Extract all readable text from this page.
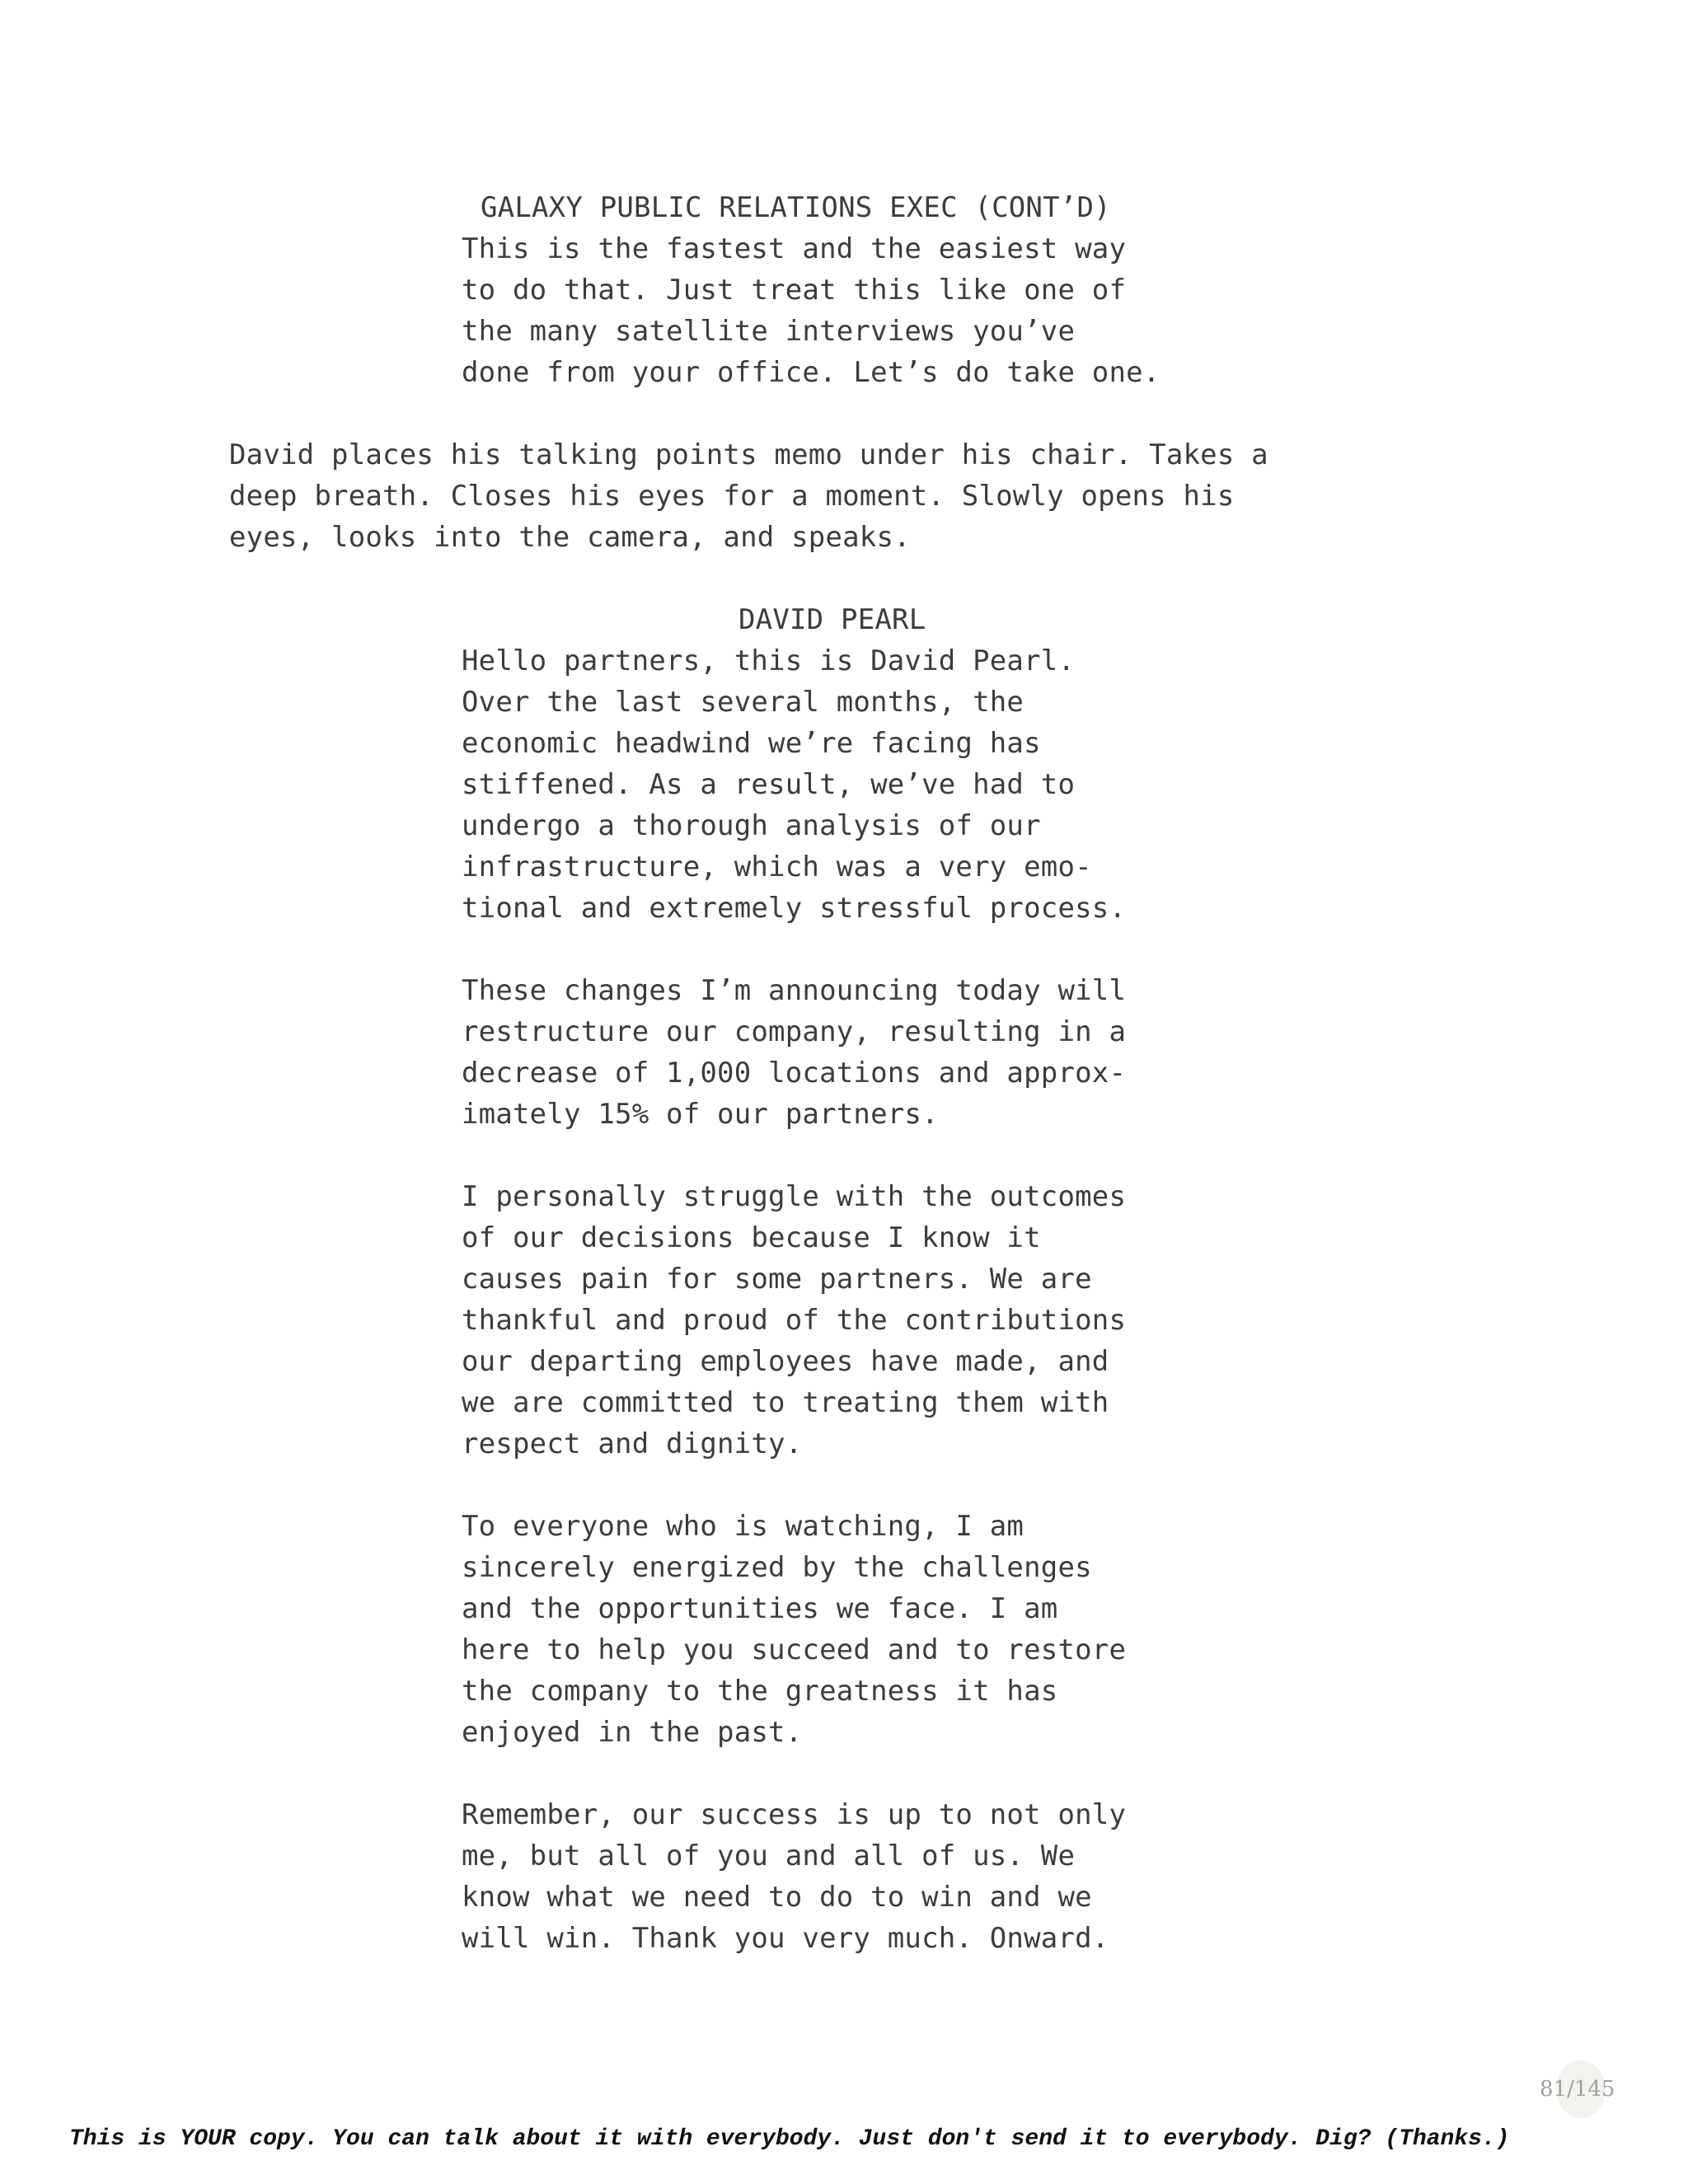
GALAXY PUBLIC RELATIONS EXEC (CONT’D)
This is the fastest and the easiest way
to do that. Just treat this like one of
the many satellite interviews you’ve
done from your office. Let’s do take one.
David places his talking points memo under his chair. Takes a
deep breath. Closes his eyes for a moment. Slowly opens his
eyes, looks into the camera, and speaks.
DAVID PEARL
Hello partners, this is David Pearl.
Over the last several months, the
economic headwind we’re facing has
stiffened. As a result, we’ve had to
undergo a thorough analysis of our
infrastructure, which was a very emo-
tional and extremely stressful process.
These changes I’m announcing today will
restructure our company, resulting in a
decrease of 1,000 locations and approx-
imately 15% of our partners.
I personally struggle with the outcomes
of our decisions because I know it
causes pain for some partners. We are
thankful and proud of the contributions
our departing employees have made, and
we are committed to treating them with
respect and dignity.
To everyone who is watching, I am
sincerely energized by the challenges
and the opportunities we face. I am
here to help you succeed and to restore
the company to the greatness it has
enjoyed in the past.
Remember, our success is up to not only
me, but all of you and all of us. We
know what we need to do to win and we
will win. Thank you very much. Onward.
81/145
This is YOUR copy. You can talk about it with everybody. Just don't send it to everybody. Dig? (Thanks.)
